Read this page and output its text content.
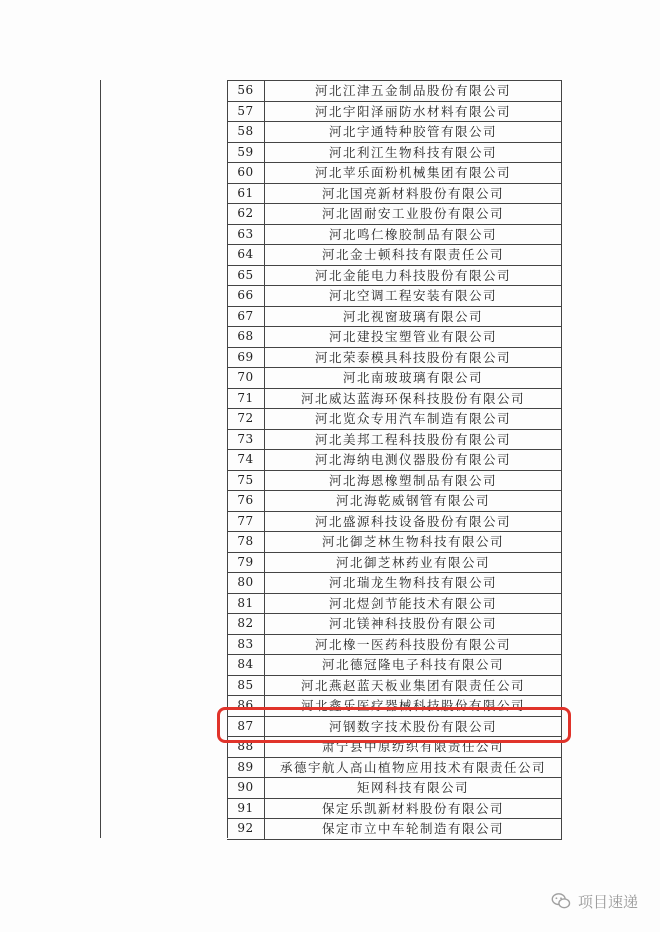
56	河北江津五金制品股份有限公司
57	河北宇阳泽丽防水材料有限公司
58	河北宇通特种胶管有限公司
59	河北利江生物科技有限公司
60	河北苹乐面粉机械集团有限公司
61	河北国亮新材料股份有限公司
62	河北固耐安工业股份有限公司
63	河北鸣仁橡胶制品有限公司
64	河北金士顿科技有限责任公司
65	河北金能电力科技股份有限公司
66	河北空调工程安装有限公司
67	河北视窗玻璃有限公司
68	河北建投宝塑管业有限公司
69	河北荣泰模具科技股份有限公司
70	河北南玻玻璃有限公司
71	河北威达蓝海环保科技股份有限公司
72	河北览众专用汽车制造有限公司
73	河北美邦工程科技股份有限公司
74	河北海纳电测仪器股份有限公司
75	河北海恩橡塑制品有限公司
76	河北海乾威钢管有限公司
77	河北盛源科技设备股份有限公司
78	河北御芝林生物科技有限公司
79	河北御芝林药业有限公司
80	河北瑞龙生物科技有限公司
81	河北煜剑节能技术有限公司
82	河北镁神科技股份有限公司
83	河北橡一医药科技股份有限公司
84	河北德冠隆电子科技有限公司
85	河北燕赵蓝天板业集团有限责任公司
86	河北鑫乐医疗器械科技股份有限公司
87	河钢数字技术股份有限公司
88	肃宁县中原纺织有限责任公司
89	承德宇航人高山植物应用技术有限责任公司
90	矩网科技有限公司
91	保定乐凯新材料股份有限公司
92	保定市立中车轮制造有限公司
项目速递
